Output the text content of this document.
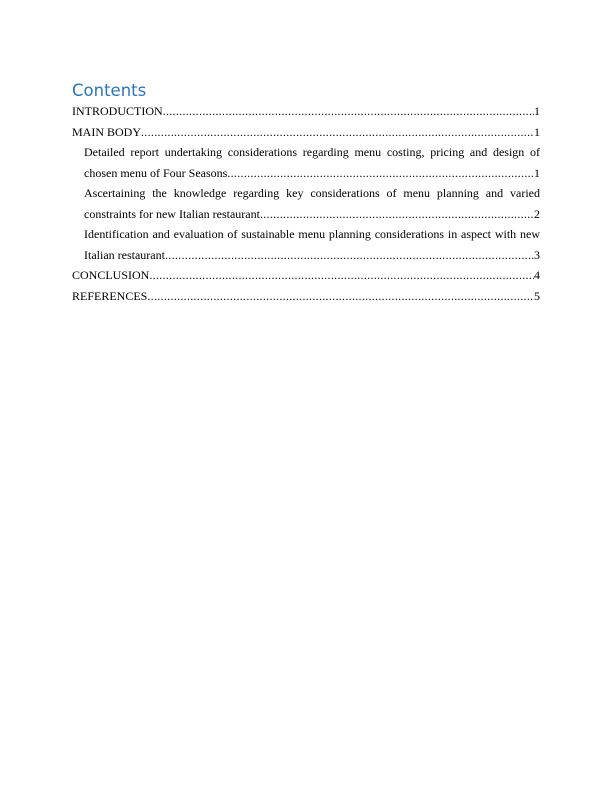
Contents
INTRODUCTION . . .	1
MAIN BODY . . .	1
Detailed report undertaking considerations regarding menu costing, pricing and design of
chosen menu of Four Seasons . . .	1
Ascertaining the knowledge regarding key considerations of menu planning and varied
constraints for new Italian restaurant . . .	2
Identification and evaluation of sustainable menu planning considerations in aspect with new
Italian restaurant . . .	3
CONCLUSION . . .	4
REFERENCES . . .	5
